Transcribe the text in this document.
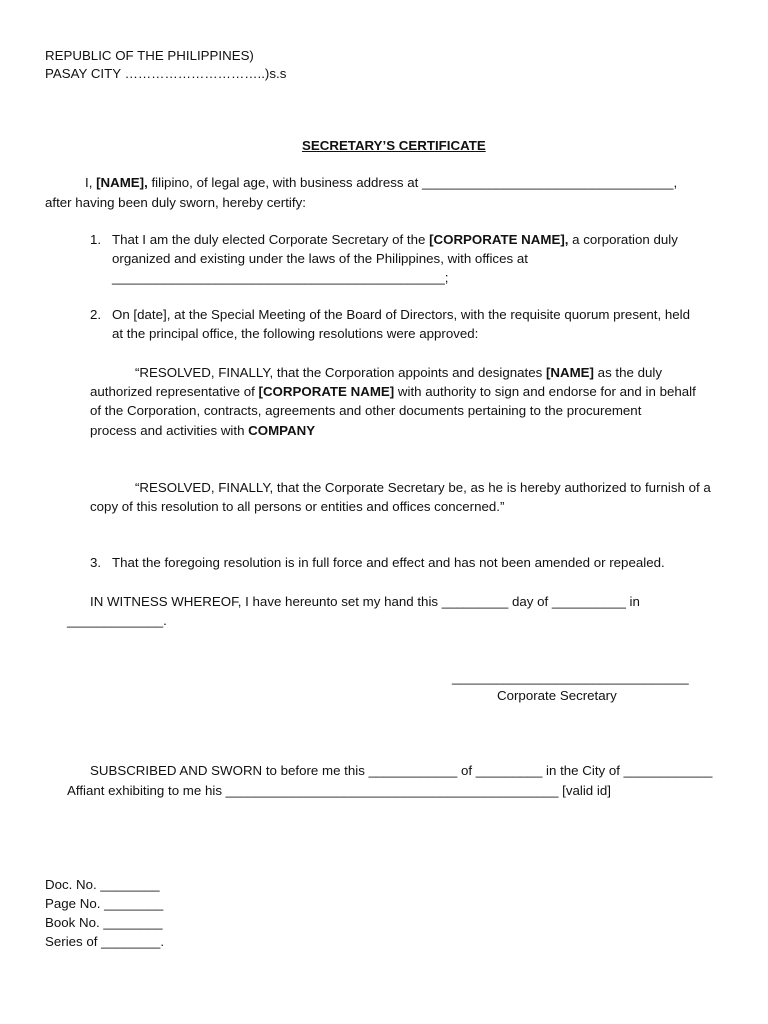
REPUBLIC OF THE PHILIPPINES)
PASAY CITY …………………………..)s.s
SECRETARY’S CERTIFICATE
I, [NAME], filipino, of legal age, with business address at __________________________________,
after having been duly sworn, hereby certify:
1. That I am the duly elected Corporate Secretary of the [CORPORATE NAME], a corporation duly
organized and existing under the laws of the Philippines, with offices at
_____________________________________________;
2. On [date], at the Special Meeting of the Board of Directors, with the requisite quorum present, held
at the principal office, the following resolutions were approved:
“RESOLVED, FINALLY, that the Corporation appoints and designates [NAME] as the duly
authorized representative of [CORPORATE NAME] with authority to sign and endorse for and in behalf
of the Corporation, contracts, agreements and other documents pertaining to the procurement
process and activities with COMPANY
“RESOLVED, FINALLY, that the Corporate Secretary be, as he is hereby authorized to furnish of a
copy of this resolution to all persons or entities and offices concerned.”
3. That the foregoing resolution is in full force and effect and has not been amended or repealed.
IN WITNESS WHEREOF, I have hereunto set my hand this _________ day of __________ in
_____________.
________________________________
Corporate Secretary
SUBSCRIBED AND SWORN to before me this ____________ of _________ in the City of ____________
Affiant exhibiting to me his _____________________________________________ [valid id]
Doc. No. ________
Page No. ________
Book No. ________
Series of ________.
